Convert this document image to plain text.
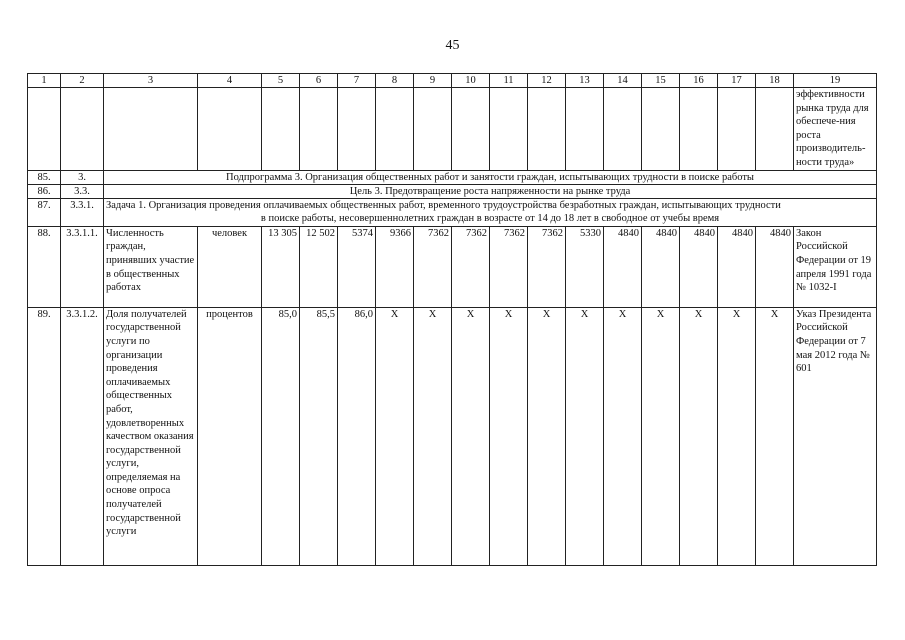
45
1	2	3	4	5	6	7	8	9	10	11	12	13	14	15	16	17	18	19
																		эффективности рынка труда для обеспече-ния роста производитель-ности труда»
85.	3.	Подпрограмма 3. Организация общественных работ и занятости граждан, испытывающих трудности в поиске работы																
86.	3.3.	Цель 3. Предотвращение роста напряженности на рынке труда																
87.	3.3.1.	Задача 1. Организация проведения оплачиваемых общественных работ, временного трудоустройства безработных граждан, испытывающих трудности
в поиске работы, несовершеннолетних граждан в возрасте от 14 до 18 лет в свободное от учебы время																

88.	3.3.1.1.	Численность граждан, принявших участие в общественных работах	человек	13 305	12 502	5374	9366	7362	7362	7362	7362	5330	4840	4840	4840	4840	4840	Закон Российской Федерации от 19 апреля 1991 года № 1032-I
89.	3.3.1.2.	Доля получателей государственной услуги по организации проведения оплачиваемых общественных работ, удовлетворенных качеством оказания государственной услуги, определяемая на основе опроса получателей государственной услуги	процентов	85,0	85,5	86,0	Х	Х	Х	Х	Х	Х	Х	Х	Х	Х	Х	Указ Президента Российской Федерации от 7 мая 2012 года № 601
